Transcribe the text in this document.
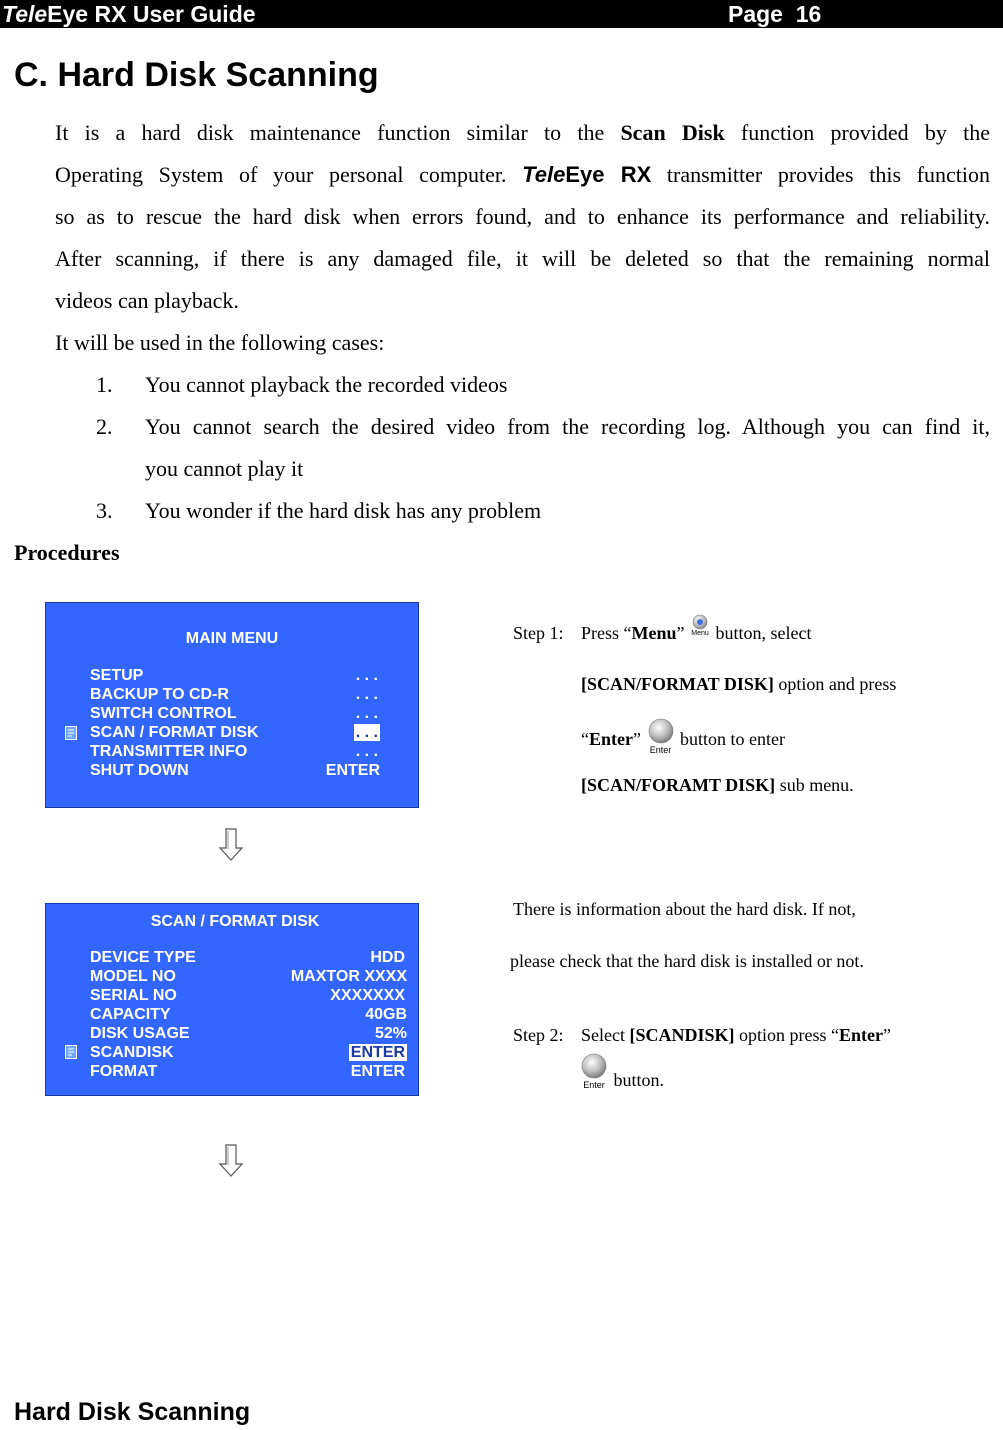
TeleEye RX User Guide	Page 16
C. Hard Disk Scanning
It is a hard disk maintenance function similar to the Scan Disk function provided by the
Operating System of your personal computer. TeleEye RX transmitter provides this function
so as to rescue the hard disk when errors found, and to enhance its performance and reliability.
After scanning, if there is any damaged file, it will be deleted so that the remaining normal
videos can playback.
It will be used in the following cases:
1. You cannot playback the recorded videos
2. You cannot search the desired video from the recording log. Although you can find it,
you cannot play it
3. You wonder if the hard disk has any problem
Procedures
MAIN MENU
SETUP	. . .
BACKUP TO CD-R	. . .
SWITCH CONTROL	. . .
SCAN / FORMAT DISK	. . .
TRANSMITTER INFO	. . .
SHUT DOWN	ENTER
Step 1: Press “Menu” Menu button, select
[SCAN/FORMAT DISK] option and press
“Enter”
Enter
button to enter
[SCAN/FORAMT DISK] sub menu.
SCAN / FORMAT DISK
DEVICE TYPE	HDD
MODEL NO	MAXTOR XXXX
SERIAL NO	XXXXXXX
CAPACITY	40GB
DISK USAGE	52%
SCANDISK	ENTER
FORMAT	ENTER
There is information about the hard disk. If not,
please check that the hard disk is installed or not.
Step 2: Select [SCANDISK] option press “Enter”
Enter button.
Hard Disk Scanning
